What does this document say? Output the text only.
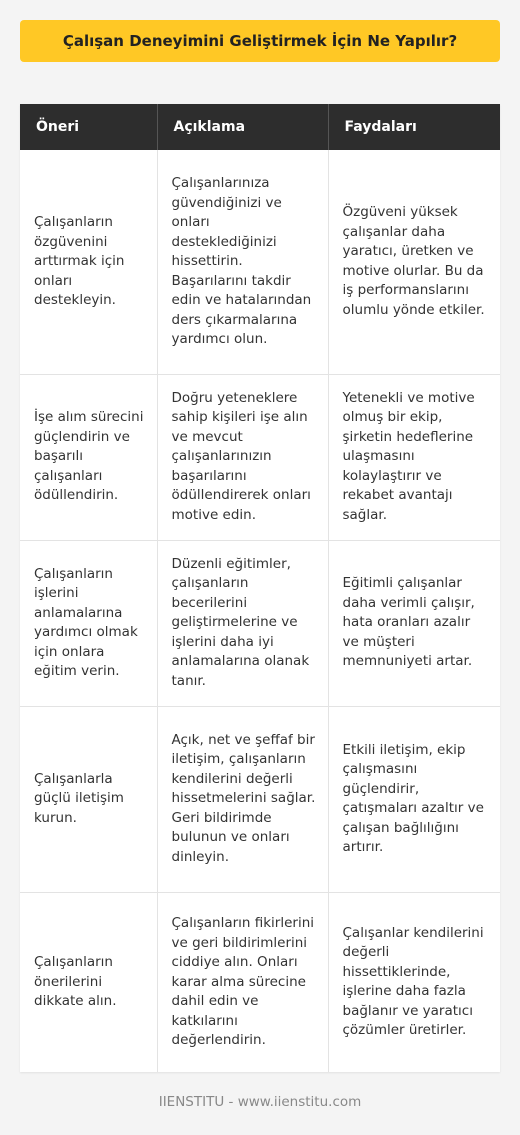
Çalışan Deneyimini Geliştirmek İçin Ne Yapılır?
Öneri	Açıklama	Faydaları
Çalışanların özgüvenini arttırmak için onları destekleyin.	Çalışanlarınıza güvendiğinizi ve onları desteklediğinizi hissettirin. Başarılarını takdir edin ve hatalarından ders çıkarmalarına yardımcı olun.	Özgüveni yüksek çalışanlar daha yaratıcı, üretken ve motive olurlar. Bu da iş performanslarını olumlu yönde etkiler.
İşe alım sürecini güçlendirin ve başarılı çalışanları ödüllendirin.	Doğru yeteneklere sahip kişileri işe alın ve mevcut çalışanlarınızın başarılarını ödüllendirerek onları motive edin.	Yetenekli ve motive olmuş bir ekip, şirketin hedeflerine ulaşmasını kolaylaştırır ve rekabet avantajı sağlar.
Çalışanların işlerini anlamalarına yardımcı olmak için onlara eğitim verin.	Düzenli eğitimler, çalışanların becerilerini geliştirmelerine ve işlerini daha iyi anlamalarına olanak tanır.	Eğitimli çalışanlar daha verimli çalışır, hata oranları azalır ve müşteri memnuniyeti artar.
Çalışanlarla güçlü iletişim kurun.	Açık, net ve şeffaf bir iletişim, çalışanların kendilerini değerli hissetmelerini sağlar. Geri bildirimde bulunun ve onları dinleyin.	Etkili iletişim, ekip çalışmasını güçlendirir, çatışmaları azaltır ve çalışan bağlılığını artırır.
Çalışanların önerilerini dikkate alın.	Çalışanların fikirlerini ve geri bildirimlerini ciddiye alın. Onları karar alma sürecine dahil edin ve katkılarını değerlendirin.	Çalışanlar kendilerini değerli hissettiklerinde, işlerine daha fazla bağlanır ve yaratıcı çözümler üretirler.
IIENSTITU - www.iienstitu.com
